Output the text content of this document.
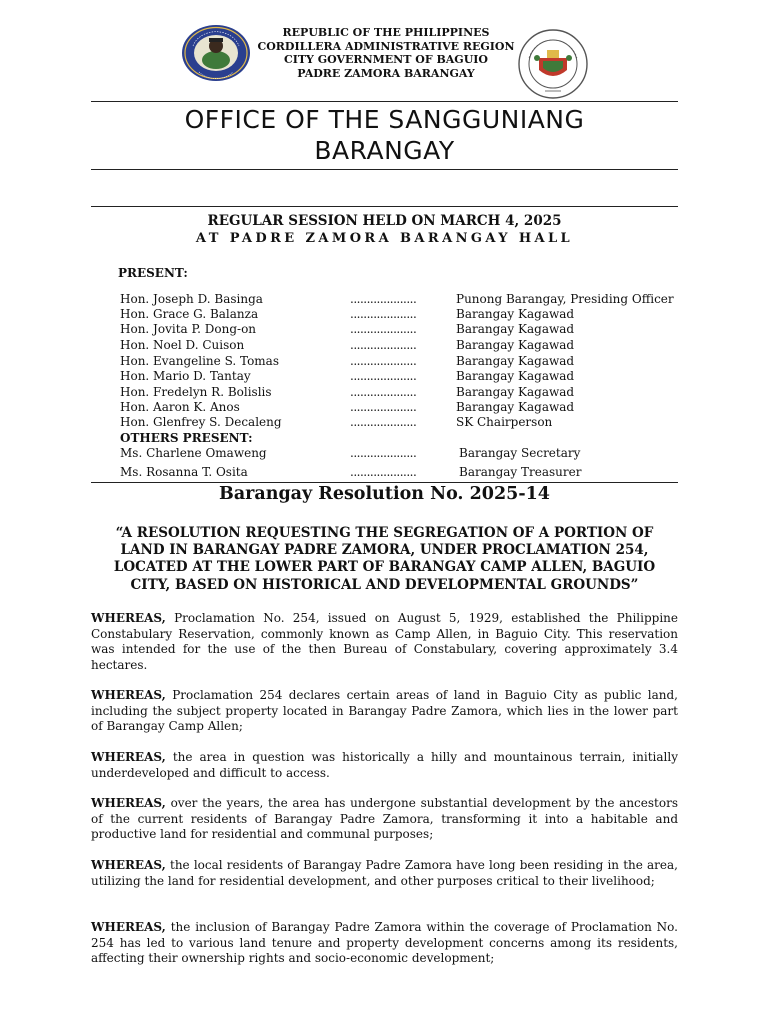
REPUBLIC OF THE PHILIPPINES
CORDILLERA ADMINISTRATIVE REGION
CITY GOVERNMENT OF BAGUIO
PADRE ZAMORA BARANGAY
OFFICE OF THE SANGGUNIANG
BARANGAY
REGULAR SESSION HELD ON MARCH 4, 2025
AT PADRE ZAMORA BARANGAY HALL
PRESENT:
Hon. Joseph D. Basinga	....................	Punong Barangay, Presiding Officer
Hon. Grace G. Balanza	....................	Barangay Kagawad
Hon. Jovita P. Dong-on	....................	Barangay Kagawad
Hon. Noel D. Cuison	....................	Barangay Kagawad
Hon. Evangeline S. Tomas	....................	Barangay Kagawad
Hon. Mario D. Tantay	....................	Barangay Kagawad
Hon. Fredelyn R. Bolislis	....................	Barangay Kagawad
Hon. Aaron K. Anos	....................	Barangay Kagawad
Hon. Glenfrey S. Decaleng	....................	SK Chairperson
OTHERS PRESENT:
Ms. Charlene Omaweng	....................	Barangay Secretary
Ms. Rosanna T. Osita	....................	Barangay Treasurer
Barangay Resolution No. 2025-14
“A RESOLUTION REQUESTING THE SEGREGATION OF A PORTION OF LAND IN BARANGAY PADRE ZAMORA, UNDER PROCLAMATION 254, LOCATED AT THE LOWER PART OF BARANGAY CAMP ALLEN, BAGUIO CITY, BASED ON HISTORICAL AND DEVELOPMENTAL GROUNDS”
WHEREAS, Proclamation No. 254, issued on August 5, 1929, established the Philippine Constabulary Reservation, commonly known as Camp Allen, in Baguio City. This reservation was intended for the use of the then Bureau of Constabulary, covering approximately 3.4 hectares.
WHEREAS, Proclamation 254 declares certain areas of land in Baguio City as public land, including the subject property located in Barangay Padre Zamora, which lies in the lower part of Barangay Camp Allen;
WHEREAS, the area in question was historically a hilly and mountainous terrain, initially underdeveloped and difficult to access.
WHEREAS, over the years, the area has undergone substantial development by the ancestors of the current residents of Barangay Padre Zamora, transforming it into a habitable and productive land for residential and communal purposes;
WHEREAS, the local residents of Barangay Padre Zamora have long been residing in the area, utilizing the land for residential development, and other purposes critical to their livelihood;
WHEREAS, the inclusion of Barangay Padre Zamora within the coverage of Proclamation No. 254 has led to various land tenure and property development concerns among its residents, affecting their ownership rights and socio-economic development;
